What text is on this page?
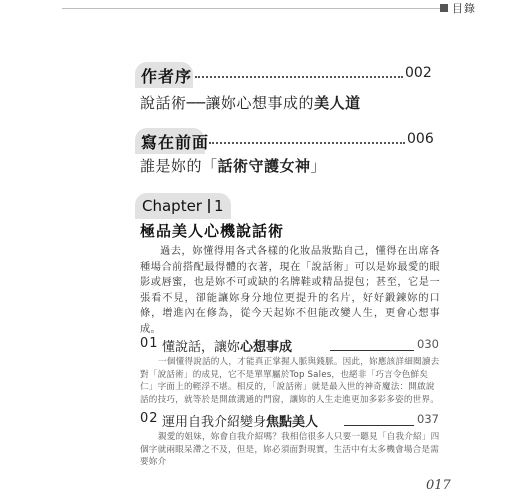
目錄
作者序	002
說話術──讓妳心想事成的美人道
寫在前面	006
誰是妳的「話術守護女神」
Chapter 1
極品美人心機說話術

過去，妳懂得用各式各樣的化妝品妝點自己，懂得在出席各種場合前搭配最得體的衣著，現在「說話術」可以是妳最愛的眼影或唇蜜，也是妳不可或缺的名牌鞋或精品提包；甚至，它是一張看不見，卻能讓妳身分地位更提升的名片，好好鍛鍊妳的口條，增進內在修為，從今天起妳不但能改變人生，更會心想事成。

01 懂說話，讓妳心想事成	030

一個懂得說話的人，才能真正掌握人脈與錢脈。因此，妳應該詳細閱讀去對「說話術」的成見，它不是單單屬於Top Sales，也絕非「巧言令色鮮矣仁」字面上的輕浮不堪。相反的，「說話術」就是最入世的神奇魔法：開啟說話的技巧，就等於是開啟溝通的門窗，讓妳的人生走進更加多彩多姿的世界。

02 運用自我介紹變身焦點美人	037

親愛的姐妹，妳會自我介紹嗎？我相信很多人只要一聽見「自我介紹」四個字就兩眼呆滯之不及，但是，妳必須面對現實，生活中有太多機會場合是需要妳介

017
